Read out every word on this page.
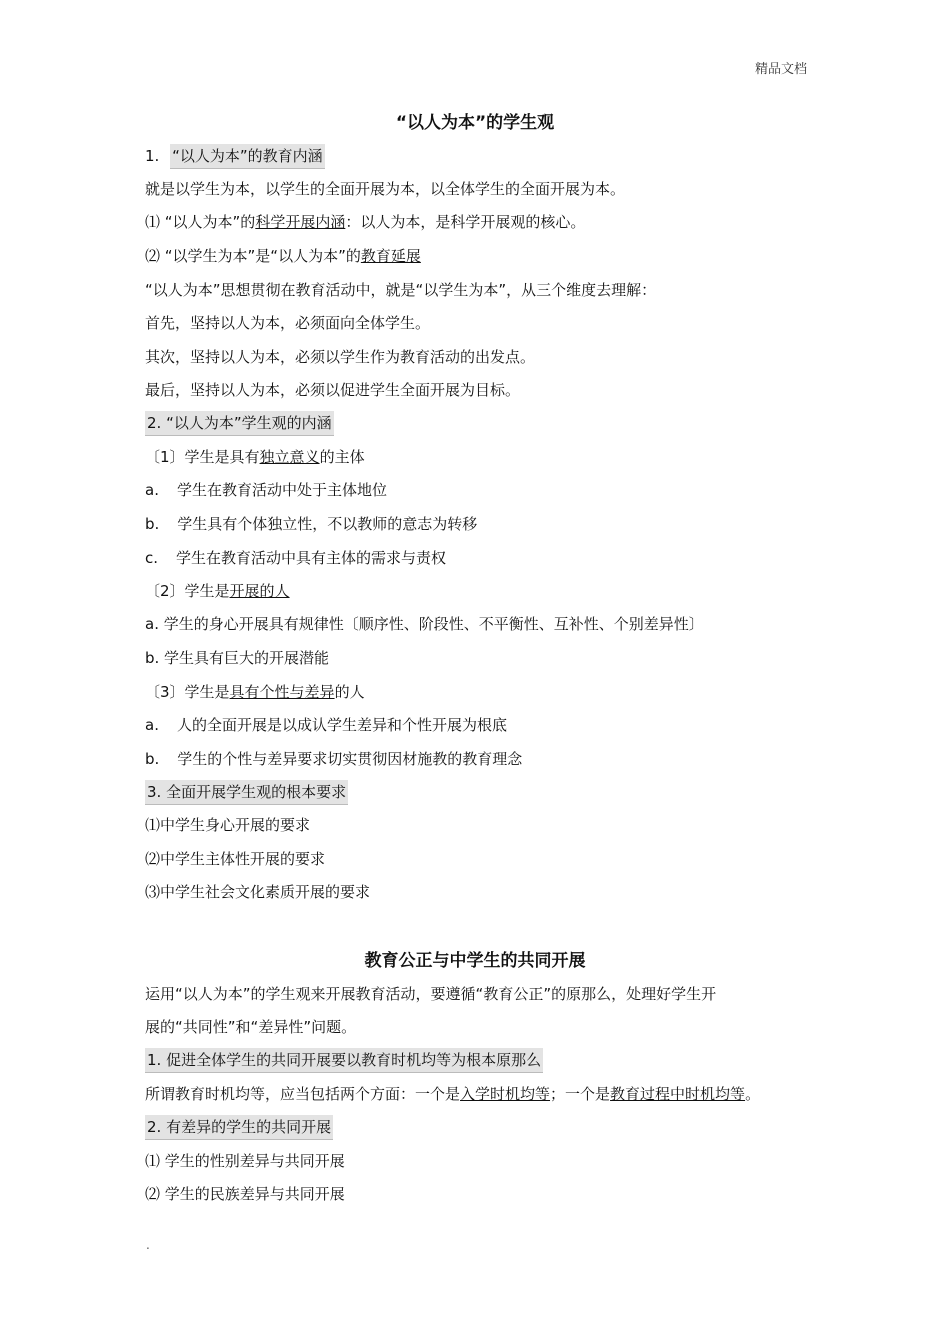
精品文档
“以人为本”的学生观
1. “以人为本”的教育内涵
就是以学生为本，以学生的全面开展为本，以全体学生的全面开展为本。
⑴ “以人为本”的科学开展内涵：以人为本，是科学开展观的核心。
⑵ “以学生为本”是“以人为本”的教育延展
“以人为本”思想贯彻在教育活动中，就是“以学生为本”，从三个维度去理解：
首先，坚持以人为本，必须面向全体学生。
其次，坚持以人为本，必须以学生作为教育活动的出发点。
最后，坚持以人为本，必须以促进学生全面开展为目标。
2. “以人为本”学生观的内涵
〔1〕学生是具有独立意义的主体
a. 学生在教育活动中处于主体地位
b. 学生具有个体独立性，不以教师的意志为转移
c. 学生在教育活动中具有主体的需求与责权
〔2〕学生是开展的人
a. 学生的身心开展具有规律性〔顺序性、阶段性、不平衡性、互补性、个别差异性〕
b. 学生具有巨大的开展潜能
〔3〕学生是具有个性与差异的人
a. 人的全面开展是以成认学生差异和个性开展为根底
b. 学生的个性与差异要求切实贯彻因材施教的教育理念
3. 全面开展学生观的根本要求
⑴中学生身心开展的要求
⑵中学生主体性开展的要求
⑶中学生社会文化素质开展的要求
教育公正与中学生的共同开展
运用“以人为本”的学生观来开展教育活动，要遵循“教育公正”的原那么，处理好学生开
展的“共同性”和“差异性”问题。
1. 促进全体学生的共同开展要以教育时机均等为根本原那么
所谓教育时机均等，应当包括两个方面：一个是入学时机均等；一个是教育过程中时机均等。
2. 有差异的学生的共同开展
⑴ 学生的性别差异与共同开展
⑵ 学生的民族差异与共同开展
.
